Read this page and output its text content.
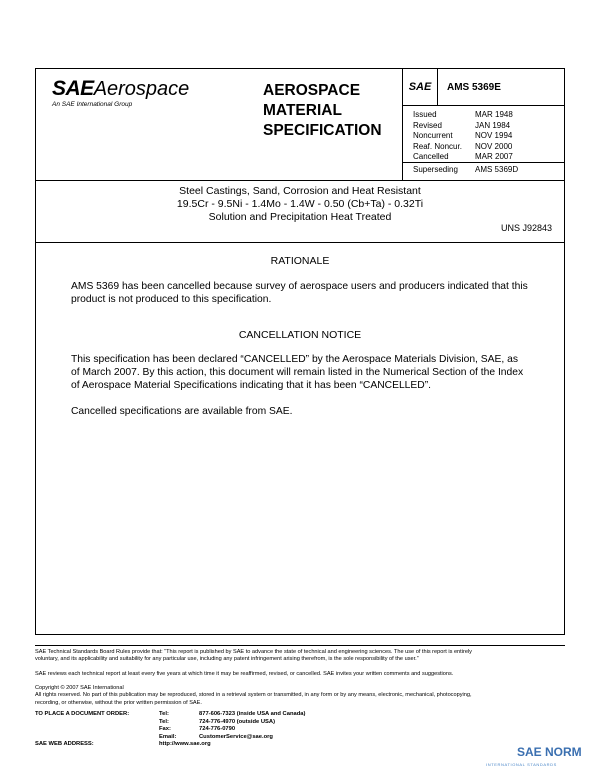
SAEAerospace
An SAE International Group
AEROSPACE
MATERIAL
SPECIFICATION
SAE	AMS 5369E
Issued	MAR 1948
Revised	JAN 1984
Noncurrent	NOV 1994
Reaf. Noncur.	NOV 2000
Cancelled	MAR 2007
Superseding	AMS 5369D
Steel Castings, Sand, Corrosion and Heat Resistant
19.5Cr - 9.5Ni - 1.4Mo - 1.4W - 0.50 (Cb+Ta) - 0.32Ti
Solution and Precipitation Heat Treated
UNS J92843
RATIONALE
AMS 5369 has been cancelled because survey of aerospace users and producers indicated that this
product is not produced to this specification.
CANCELLATION NOTICE
This specification has been declared “CANCELLED” by the Aerospace Materials Division, SAE, as
of March 2007. By this action, this document will remain listed in the Numerical Section of the Index
of Aerospace Material Specifications indicating that it has been “CANCELLED”.
Cancelled specifications are available from SAE.
SAE Technical Standards Board Rules provide that: “This report is published by SAE to advance the state of technical and engineering sciences. The use of this report is entirely
voluntary, and its applicability and suitability for any particular use, including any patent infringement arising therefrom, is the sole responsibility of the user.”
SAE reviews each technical report at least every five years at which time it may be reaffirmed, revised, or cancelled. SAE invites your written comments and suggestions.
Copyright © 2007 SAE International
All rights reserved. No part of this publication may be reproduced, stored in a retrieval system or transmitted, in any form or by any means, electronic, mechanical, photocopying,
recording, or otherwise, without the prior written permission of SAE.
TO PLACE A DOCUMENT ORDER:	Tel:	877-606-7323 (inside USA and Canada)
Tel:	724-776-4970 (outside USA)
Fax:	724-776-0790
Email:	CustomerService@sae.org
SAE WEB ADDRESS:	http://www.sae.org
SAE NORM
INTERNATIONAL STANDARDS
